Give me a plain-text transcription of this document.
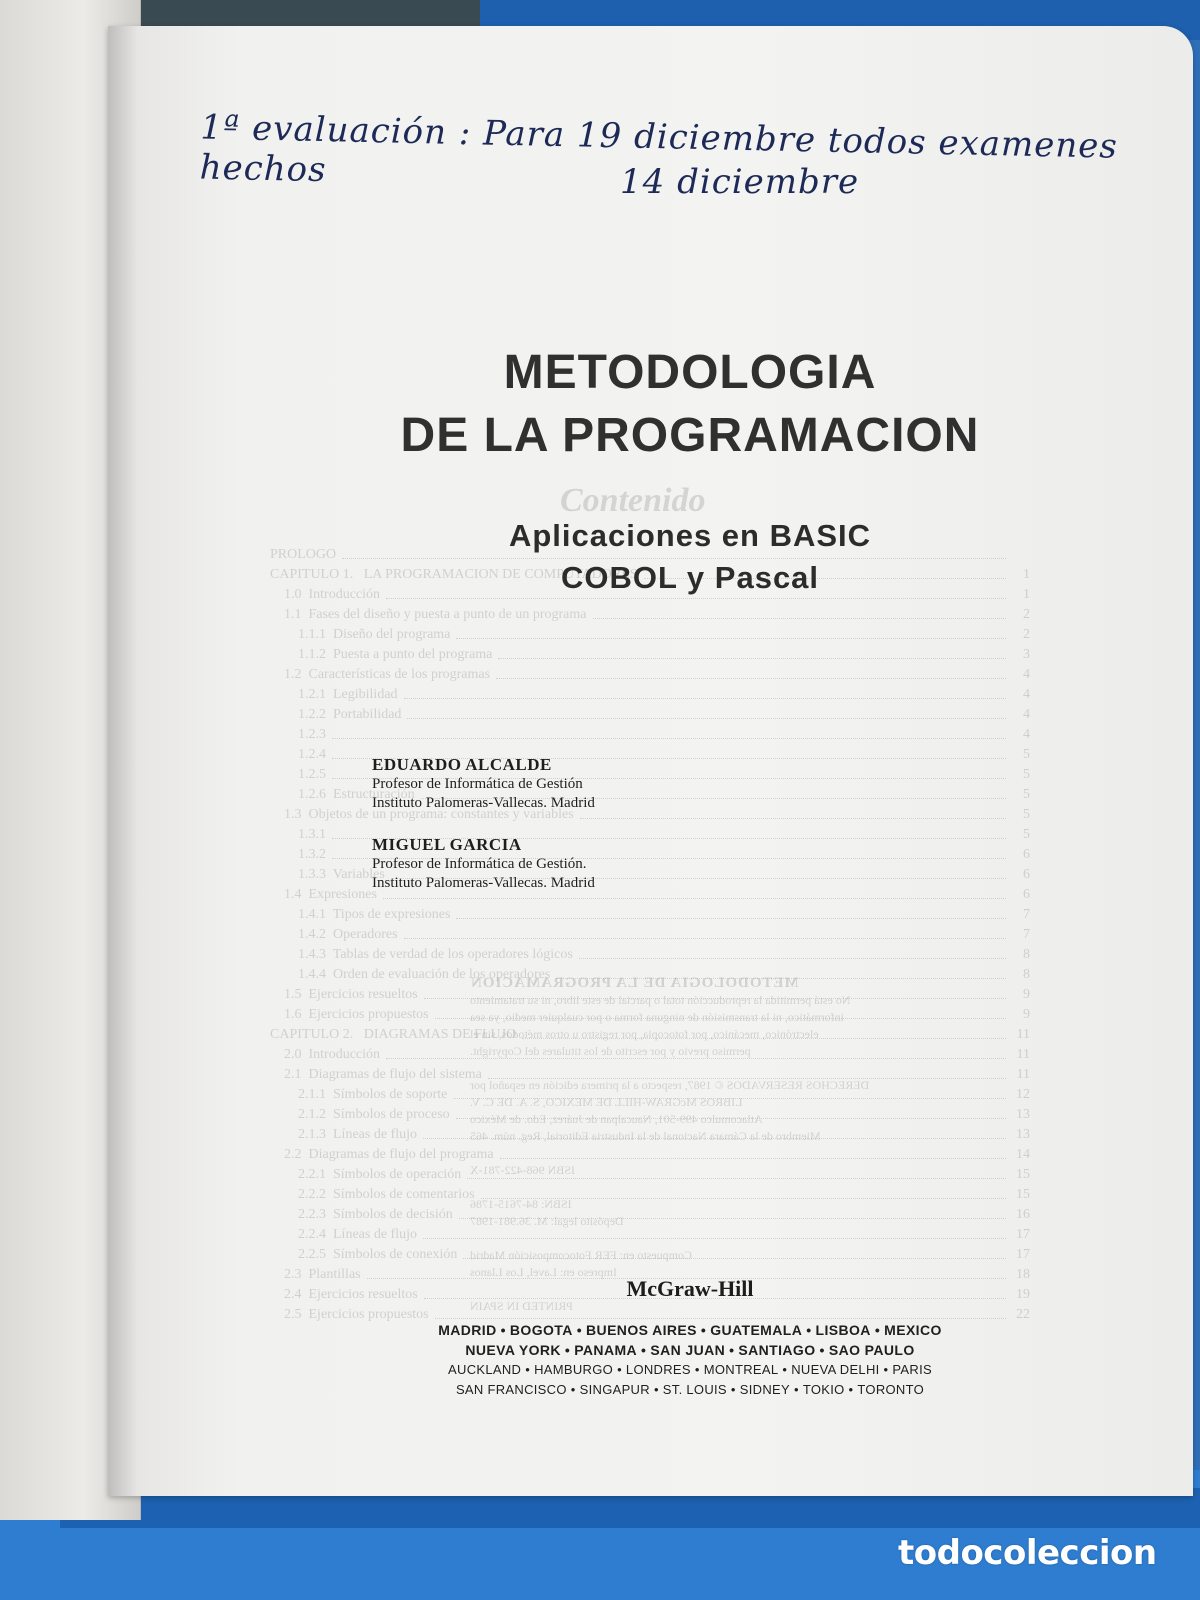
Contenido
PROLOGO
CAPITULO 1.   LA PROGRAMACION DE COMPUTADORES	1
1.0  Introducción	1
1.1  Fases del diseño y puesta a punto de un programa	2
1.1.1  Diseño del programa	2
1.1.2  Puesta a punto del programa	3
1.2  Características de los programas	4
1.2.1  Legibilidad	4
1.2.2  Portabilidad	4
1.2.3	4
1.2.4	5
1.2.5	5
1.2.6  Estructuración	5
1.3  Objetos de un programa: constantes y variables	5
1.3.1	5
1.3.2	6
1.3.3  Variables	6
1.4  Expresiones	6
1.4.1  Tipos de expresiones	7
1.4.2  Operadores	7
1.4.3  Tablas de verdad de los operadores lógicos	8
1.4.4  Orden de evaluación de los operadores	8
1.5  Ejercicios resueltos	9
1.6  Ejercicios propuestos	9
CAPITULO 2.   DIAGRAMAS DE FLUJO	11
2.0  Introducción	11
2.1  Diagramas de flujo del sistema	11
2.1.1  Símbolos de soporte	12
2.1.2  Símbolos de proceso	13
2.1.3  Líneas de flujo	13
2.2  Diagramas de flujo del programa	14
2.2.1  Símbolos de operación	15
2.2.2  Símbolos de comentarios	15
2.2.3  Símbolos de decisión	16
2.2.4  Líneas de flujo	17
2.2.5  Símbolos de conexión	17
2.3  Plantillas	18
2.4  Ejercicios resueltos	19
2.5  Ejercicios propuestos	22
METODOLOGIA DE LA PROGRAMACION
No está permitida la reproducción total o parcial de este libro, ni su tratamiento
informático, ni la transmisión de ninguna forma o por cualquier medio, ya sea
electrónico, mecánico, por fotocopia, por registro u otros métodos, sin el
permiso previo y por escrito de los titulares del Copyright.

DERECHOS RESERVADOS © 1987, respecto a la primera edición en español por
LIBROS McGRAW-HILL DE MEXICO, S. A. DE C. V.
Atlacomulco 499-501, Naucalpan de Juárez, Edo. de México
Miembro de la Cámara Nacional de la Industria Editorial, Reg. núm. 465

ISBN 968-422-781-X

ISBN: 84-7615-1786
Depósito legal: M. 36.981-1987

Compuesto en: FER Fotocomposición Madrid
Impreso en: Lavel, Los Llanos

PRINTED IN SPAIN
1ª evaluación : Para 19 diciembre todos examenes hechos	14 diciembre
METODOLOGIA
DE LA PROGRAMACION
Aplicaciones en BASIC
COBOL y Pascal
EDUARDO ALCALDE
Profesor de Informática de Gestión
Instituto Palomeras-Vallecas. Madrid
MIGUEL GARCIA
Profesor de Informática de Gestión.
Instituto Palomeras-Vallecas. Madrid
McGraw-Hill
MADRID • BOGOTA • BUENOS AIRES • GUATEMALA • LISBOA • MEXICO
NUEVA YORK • PANAMA • SAN JUAN • SANTIAGO • SAO PAULO
AUCKLAND • HAMBURGO • LONDRES • MONTREAL • NUEVA DELHI • PARIS
SAN FRANCISCO • SINGAPUR • ST. LOUIS • SIDNEY • TOKIO • TORONTO
todocoleccion
